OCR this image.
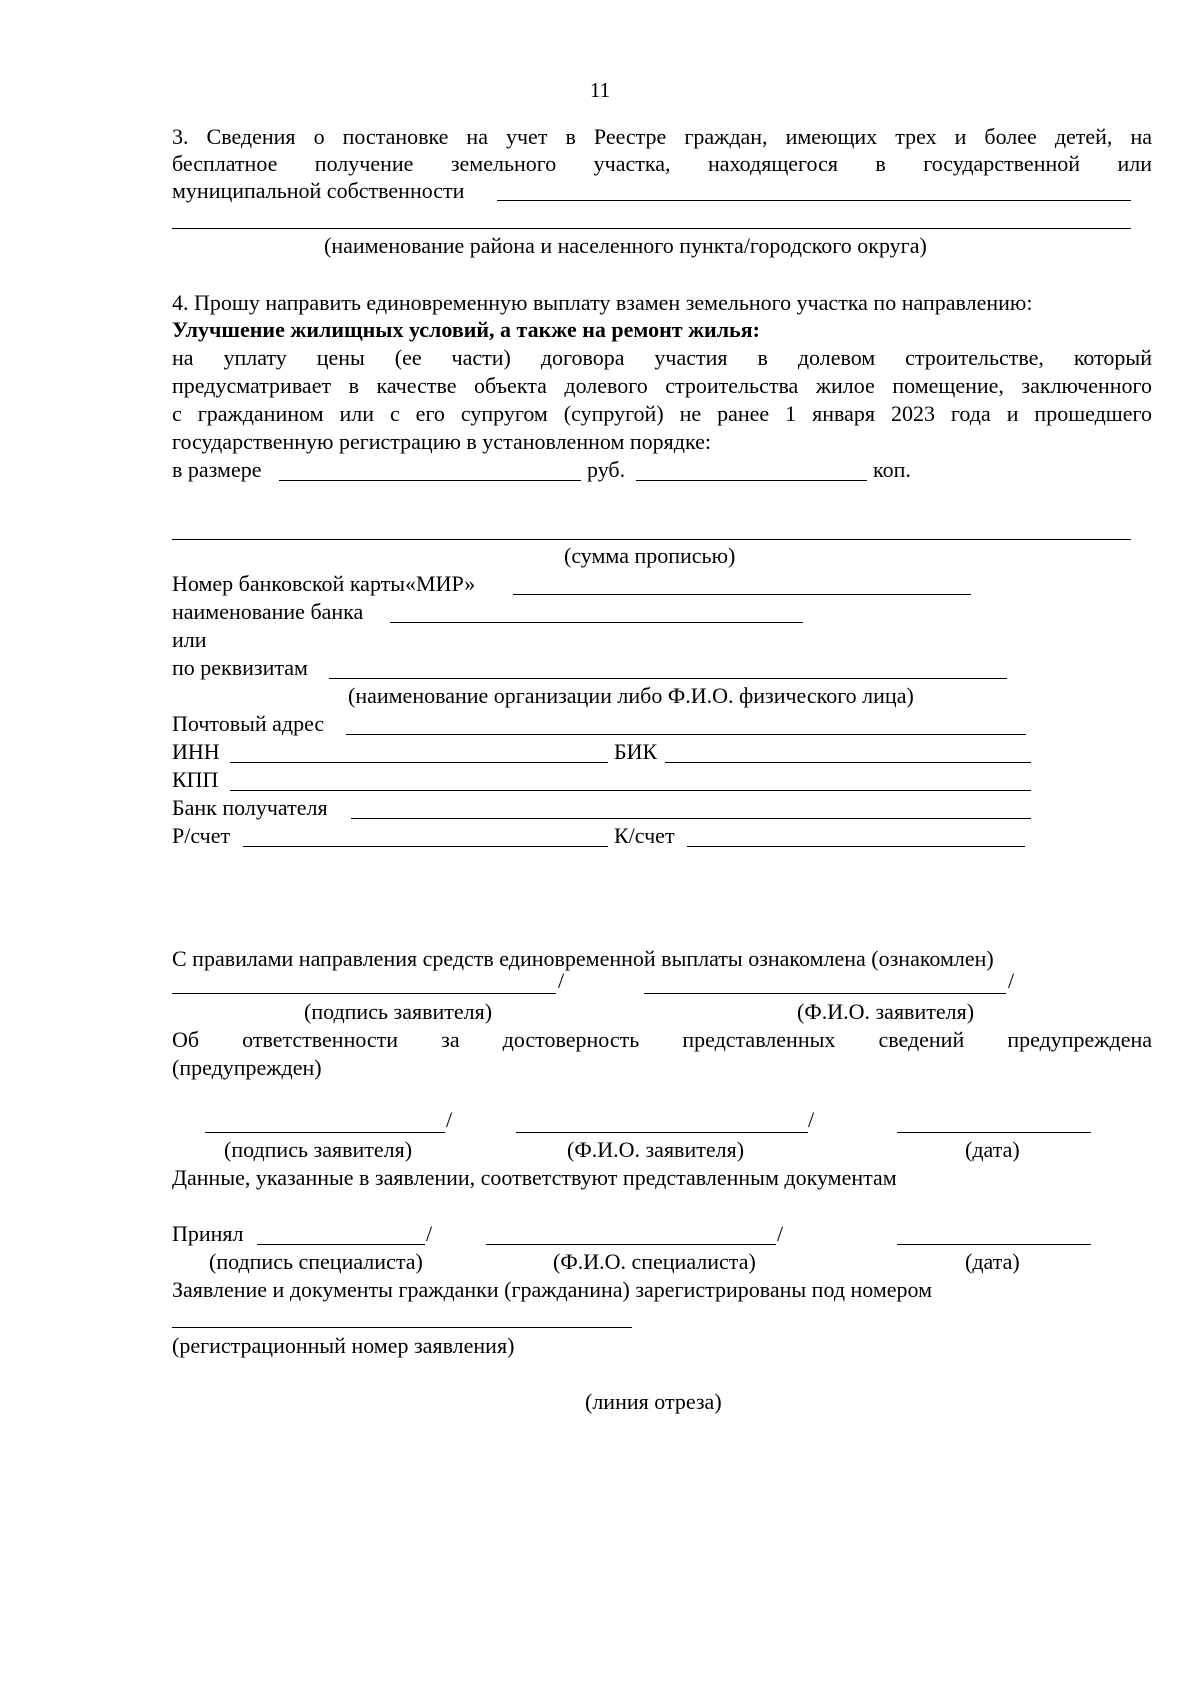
11
3. Сведения о постановке на учет в Реестре граждан, имеющих трех и более детей, на
бесплатное получение земельного участка, находящегося в государственной или
муниципальной собственности
(наименование района и населенного пункта/городского округа)
4. Прошу направить единовременную выплату взамен земельного участка по направлению:
Улучшение жилищных условий, а также на ремонт жилья:
на уплату цены (ее части) договора участия в долевом строительстве, который
предусматривает в качестве объекта долевого строительства жилое помещение, заключенного
с гражданином или с его супругом (супругой) не ранее 1 января 2023 года и прошедшего
государственную регистрацию в установленном порядке:
в размере	руб.	коп.
(сумма прописью)
Номер банковской карты«МИР»
наименование банка
или
по реквизитам
(наименование организации либо Ф.И.О. физического лица)
Почтовый адрес
ИНН	БИК
КПП
Банк получателя
Р/счет	К/счет
С правилами направления средств единовременной выплаты ознакомлена (ознакомлен)
/	/
(подпись заявителя)	(Ф.И.О. заявителя)
Об ответственности за достоверность представленных сведений предупреждена
(предупрежден)
/	/
(подпись заявителя)	(Ф.И.О. заявителя)	(дата)
Данные, указанные в заявлении, соответствуют представленным документам
Принял	/	/
(подпись специалиста)	(Ф.И.О. специалиста)	(дата)
Заявление и документы гражданки (гражданина) зарегистрированы под номером
(регистрационный номер заявления)
(линия отреза)
